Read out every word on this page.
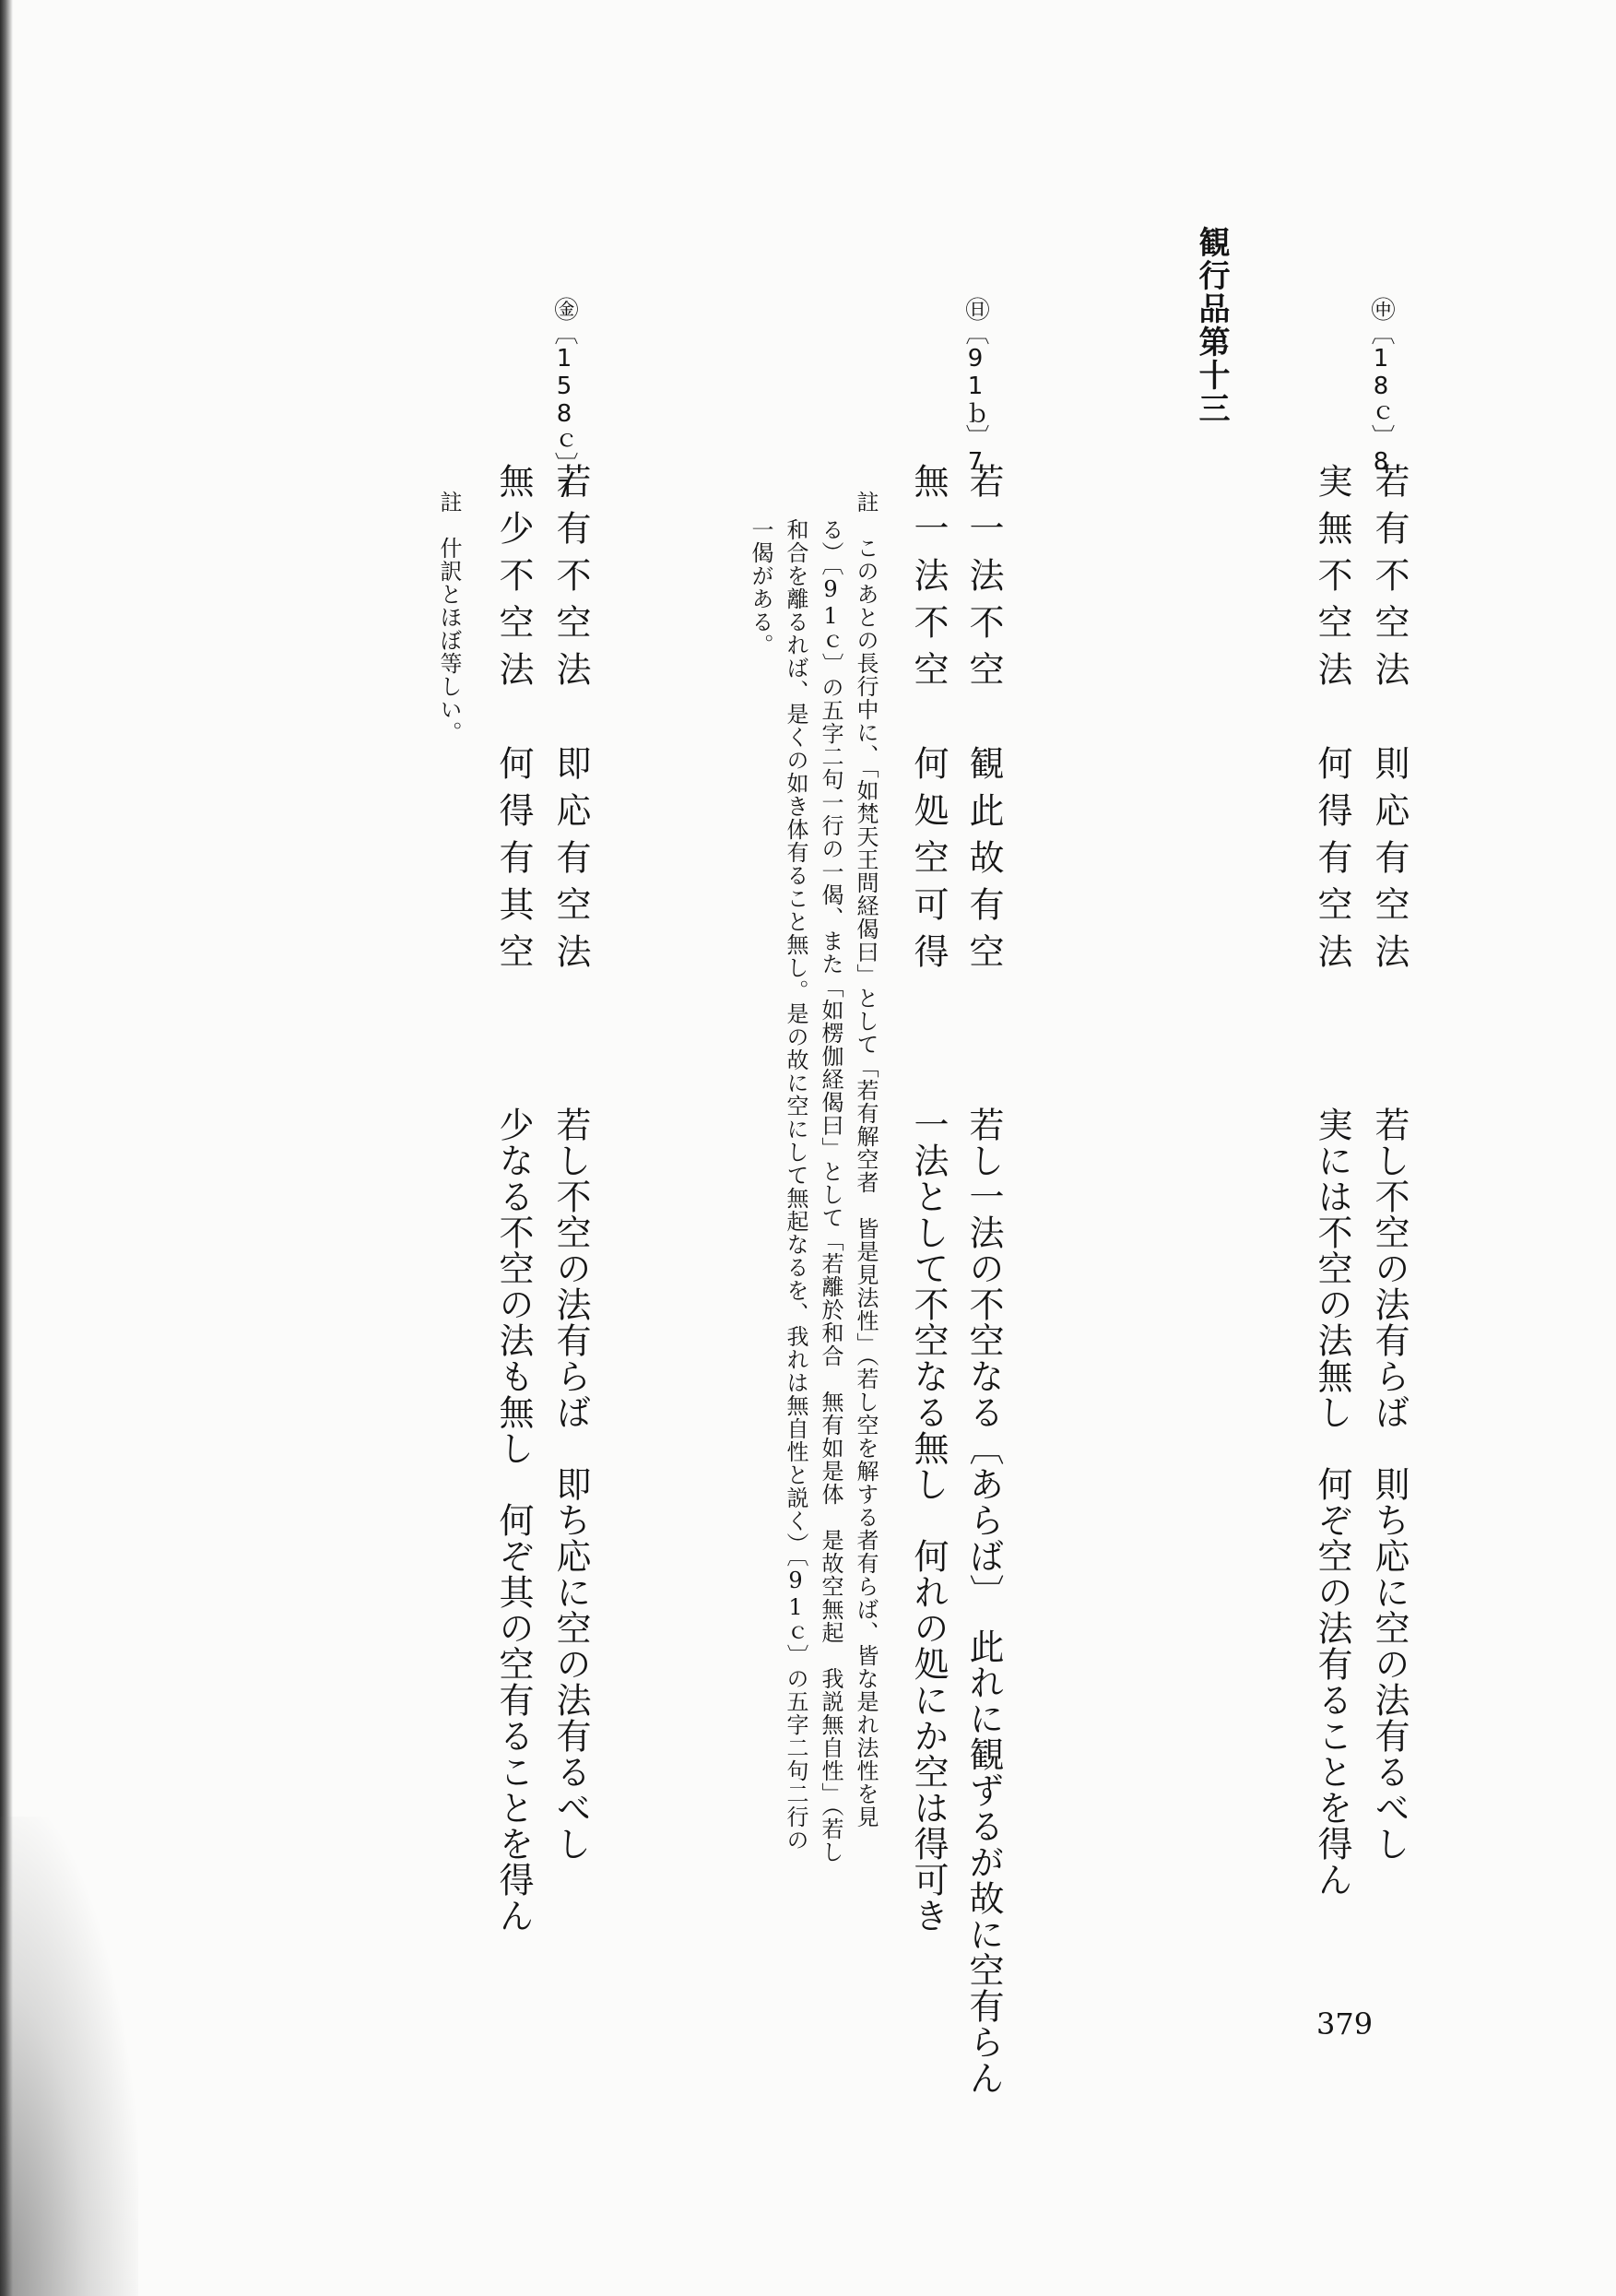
観行品第十三	㊥〔18ｃ〕8
若有不空法　則応有空法
実無不空法　何得有空法
若し不空の法有らば　則ち応に空の法有るべし
実には不空の法無し　何ぞ空の法有ることを得ん
㊐〔91ｂ〕7
若一法不空　観此故有空
無一法不空　何処空可得
若し一法の不空なる〔あらば〕　此れに観ずるが故に空有らん
一法として不空なる無し　何れの処にか空は得可き
註　このあとの長行中に、「如梵天王問経偈曰」として「若有解空者　皆是見法性」（若し空を解する者有らば、皆な是れ法性を見
る）〔91ｃ〕の五字二句一行の一偈、また「如楞伽経偈曰」として「若離於和合　無有如是体　是故空無起　我説無自性」（若し
和合を離るれば、是くの如き体有ること無し。是の故に空にして無起なるを、我れは無自性と説く）〔91ｃ〕の五字二句二行の
一偈がある。
㊎〔158ｃ〕7
若有不空法　即応有空法
無少不空法　何得有其空
若し不空の法有らば　即ち応に空の法有るべし
少なる不空の法も無し　何ぞ其の空有ることを得ん
註　什訳とほぼ等しい。
379
